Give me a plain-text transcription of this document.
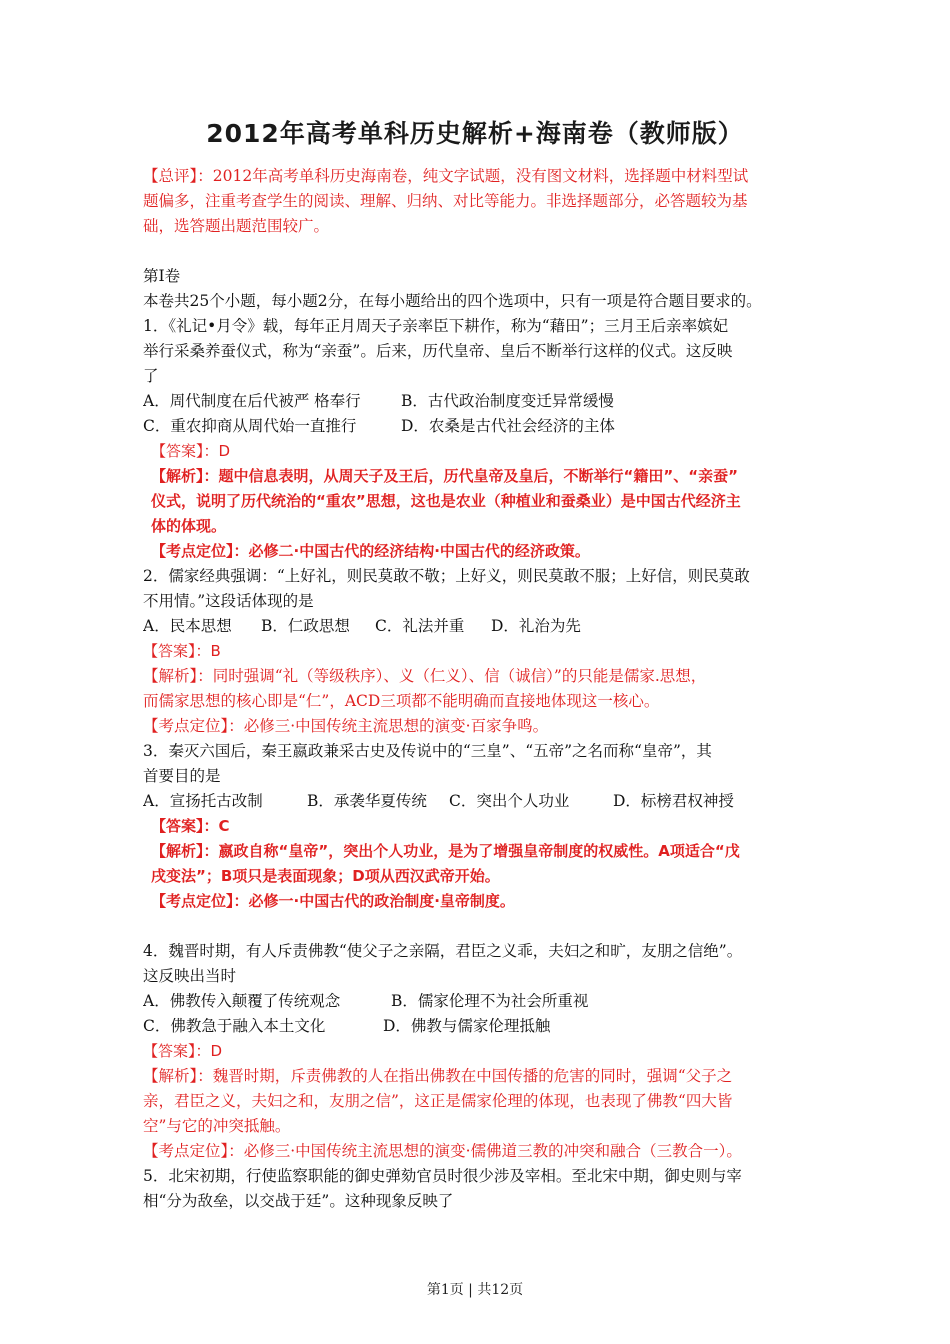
2012年高考单科历史解析+海南卷（教师版）
【总评】：2012年高考单科历史海南卷，纯文字试题，没有图文材料，选择题中材料型试
题偏多，注重考查学生的阅读、理解、归纳、对比等能力。非选择题部分，必答题较为基
础，选答题出题范围较广。
第Ⅰ卷
本卷共25个小题，每小题2分，在每小题给出的四个选项中，只有一项是符合题目要求的。
1．《礼记•月令》载，每年正月周天子亲率臣下耕作，称为“藉田”；三月王后亲率嫔妃
举行采桑养蚕仪式，称为“亲蚕”。后来，历代皇帝、皇后不断举行这样的仪式。这反映
了
A．周代制度在后代被严 格奉行	B．古代政治制度变迁异常缓慢
C．重农抑商从周代始一直推行	D．农桑是古代社会经济的主体
【答案】：D
【解析】：题中信息表明，从周天子及王后，历代皇帝及皇后，不断举行“籍田”、“亲蚕”
仪式，说明了历代统治的“重农”思想，这也是农业（种植业和蚕桑业）是中国古代经济主
体的体现。
【考点定位】：必修二·中国古代的经济结构·中国古代的经济政策。
2．儒家经典强调：“上好礼，则民莫敢不敬；上好义，则民莫敢不服；上好信，则民莫敢
不用情。”这段话体现的是
A．民本思想	B．仁政思想	C．礼法并重	D．礼治为先
【答案】：B
【解析】：同时强调“礼（等级秩序）、义（仁义）、信（诚信）”的只能是儒家.思想，
而儒家思想的核心即是“仁”，ACD三项都不能明确而直接地体现这一核心。
【考点定位】：必修三·中国传统主流思想的演变·百家争鸣。
3．秦灭六国后，秦王嬴政兼采古史及传说中的“三皇”、“五帝”之名而称“皇帝”，其
首要目的是
A．宣扬托古改制	B．承袭华夏传统	C．突出个人功业	D．标榜君权神授
【答案】：C
【解析】：嬴政自称“皇帝”，突出个人功业，是为了增强皇帝制度的权威性。A项适合“戊
戌变法”；B项只是表面现象；D项从西汉武帝开始。
【考点定位】：必修一·中国古代的政治制度·皇帝制度。
4．魏晋时期，有人斥责佛教“使父子之亲隔，君臣之义乖，夫妇之和旷，友朋之信绝”。
这反映出当时
A．佛教传入颠覆了传统观念	B．儒家伦理不为社会所重视
C．佛教急于融入本土文化	D．佛教与儒家伦理抵触
【答案】：D
【解析】：魏晋时期，斥责佛教的人在指出佛教在中国传播的危害的同时，强调“父子之
亲，君臣之义，夫妇之和，友朋之信”，这正是儒家伦理的体现，也表现了佛教“四大皆
空”与它的冲突抵触。
【考点定位】：必修三·中国传统主流思想的演变·儒佛道三教的冲突和融合（三教合一）。
5．北宋初期，行使监察职能的御史弹劾官员时很少涉及宰相。至北宋中期，御史则与宰
相“分为敌垒，以交战于廷”。这种现象反映了
第1页 | 共12页
